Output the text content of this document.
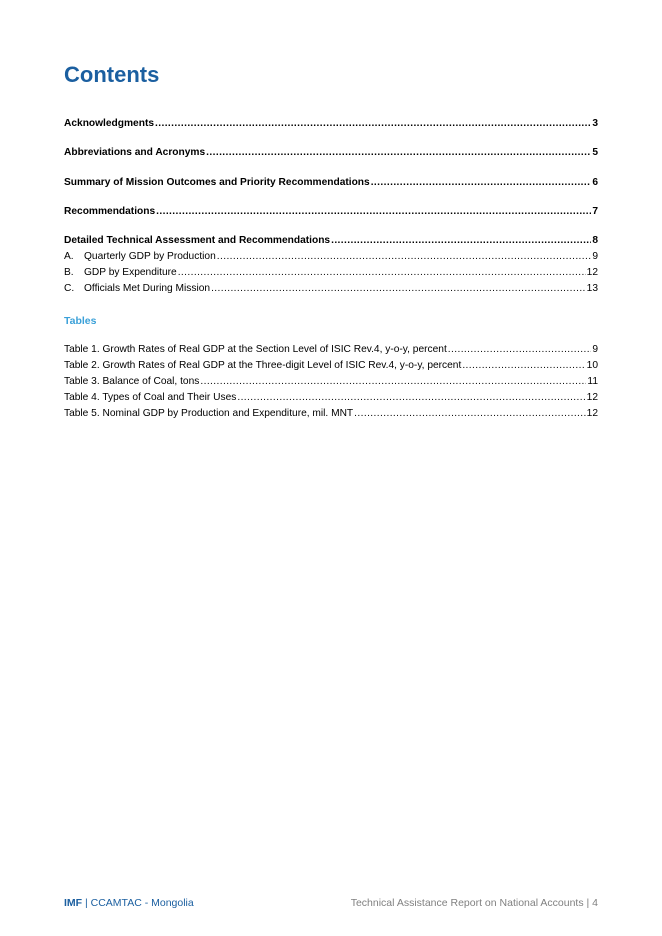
Contents
Acknowledgments .....	3
Abbreviations and Acronyms .....	5
Summary of Mission Outcomes and Priority Recommendations .....	6
Recommendations .....	7
Detailed Technical Assessment and Recommendations .....	8
A.	Quarterly GDP by Production .....	9
B.	GDP by Expenditure .....	12
C. Officials Met During Mission .....	13
Tables
Table 1. Growth Rates of Real GDP at the Section Level of ISIC Rev.4, y-o-y, percent .....	9
Table 2. Growth Rates of Real GDP at the Three-digit Level of ISIC Rev.4, y-o-y, percent .....	10
Table 3. Balance of Coal, tons .....	11
Table 4. Types of Coal and Their Uses .....	12
Table 5. Nominal GDP by Production and Expenditure, mil. MNT .....	12
IMF | CCAMTAC - Mongolia	Technical Assistance Report on National Accounts | 4
